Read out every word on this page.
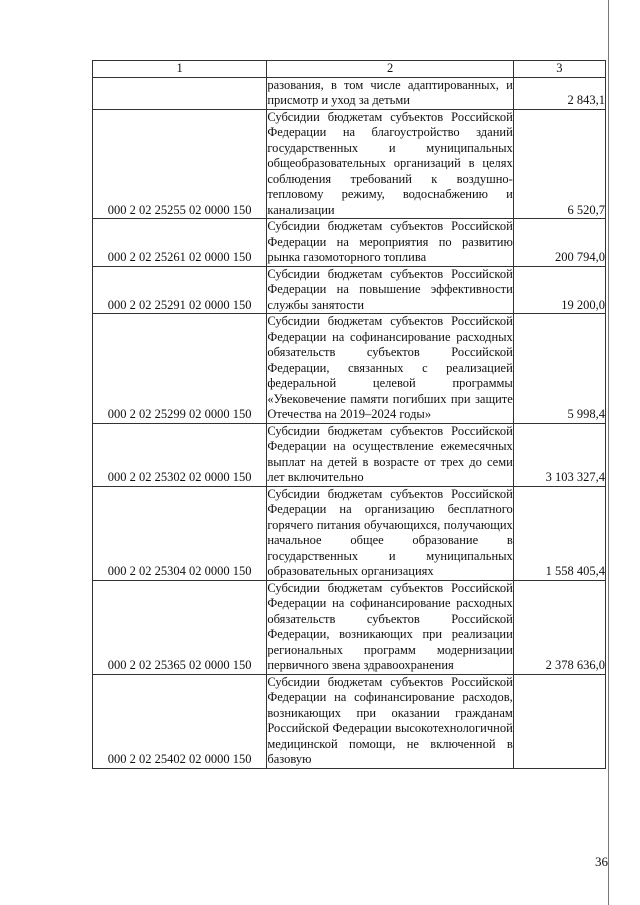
1	2	3
	разования, в том числе адаптированных, и присмотр и уход за детьми	2 843,1
000 2 02 25255 02 0000 150	Субсидии бюджетам субъектов Российской Федерации на благоустройство зданий государственных и муниципальных общеобразовательных организаций в целях соблюдения требований к воздушно-тепловому режиму, водоснабжению и канализации	6 520,7
000 2 02 25261 02 0000 150	Субсидии бюджетам субъектов Российской Федерации на мероприятия по развитию рынка газомоторного топлива	200 794,0
000 2 02 25291 02 0000 150	Субсидии бюджетам субъектов Российской Федерации на повышение эффективности службы занятости	19 200,0
000 2 02 25299 02 0000 150	Субсидии бюджетам субъектов Российской Федерации на софинансирование расходных обязательств субъектов Российской Федерации, связанных с реализацией федеральной целевой программы «Увековечение памяти погибших при защите Отечества на 2019–2024 годы»	5 998,4
000 2 02 25302 02 0000 150	Субсидии бюджетам субъектов Российской Федерации на осуществление ежемесячных выплат на детей в возрасте от трех до семи лет включительно	3 103 327,4
000 2 02 25304 02 0000 150	Субсидии бюджетам субъектов Российской Федерации на организацию бесплатного горячего питания обучающихся, получающих начальное общее образование в государственных и муниципальных образовательных организациях	1 558 405,4
000 2 02 25365 02 0000 150	Субсидии бюджетам субъектов Российской Федерации на софинансирование расходных обязательств субъектов Российской Федерации, возникающих при реализации региональных программ модернизации первичного звена здравоохранения	2 378 636,0
000 2 02 25402 02 0000 150	Субсидии бюджетам субъектов Российской Федерации на софинансирование расходов, возникающих при оказании гражданам Российской Федерации высокотехнологичной медицинской помощи, не включенной в базовую	
36
